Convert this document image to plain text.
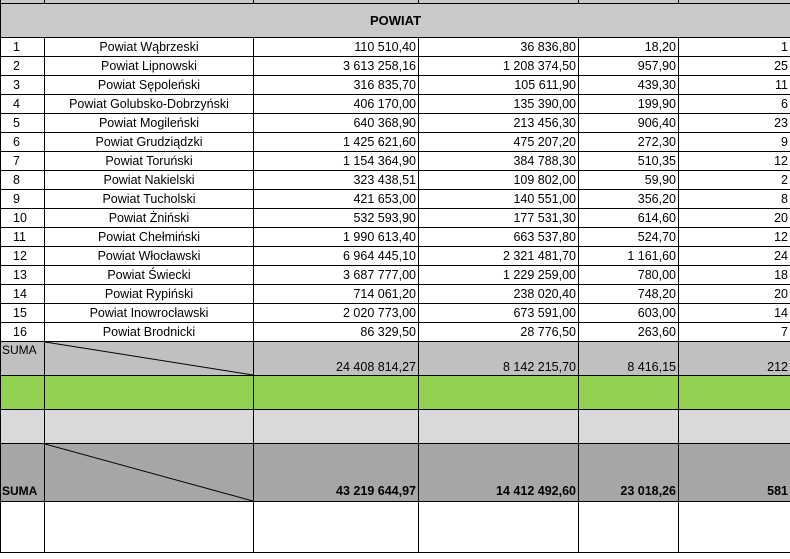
POWIAT					
1	Powiat Wąbrzeski	110 510,40	36 836,80	18,20	1
2	Powiat Lipnowski	3 613 258,16	1 208 374,50	957,90	25
3	Powiat Sępoleński	316 835,70	105 611,90	439,30	11
4	Powiat Golubsko-Dobrzyński	406 170,00	135 390,00	199,90	6
5	Powiat Mogileński	640 368,90	213 456,30	906,40	23
6	Powiat Grudziądzki	1 425 621,60	475 207,20	272,30	9
7	Powiat Toruński	1 154 364,90	384 788,30	510,35	12
8	Powiat Nakielski	323 438,51	109 802,00	59,90	2
9	Powiat Tucholski	421 653,00	140 551,00	356,20	8
10	Powiat Żniński	532 593,90	177 531,30	614,60	20
11	Powiat Chełmiński	1 990 613,40	663 537,80	524,70	12
12	Powiat Włocławski	6 964 445,10	2 321 481,70	1 161,60	24
13	Powiat Świecki	3 687 777,00	1 229 259,00	780,00	18
14	Powiat Rypiński	714 061,20	238 020,40	748,20	20
15	Powiat Inowrocławski	2 020 773,00	673 591,00	603,00	14
16	Powiat Brodnicki	86 329,50	28 776,50	263,60	7
SUMA		24 408 814,27	8 142 215,70	8 416,15	212

SUMA		43 219 644,97	14 412 492,60	23 018,26	581
